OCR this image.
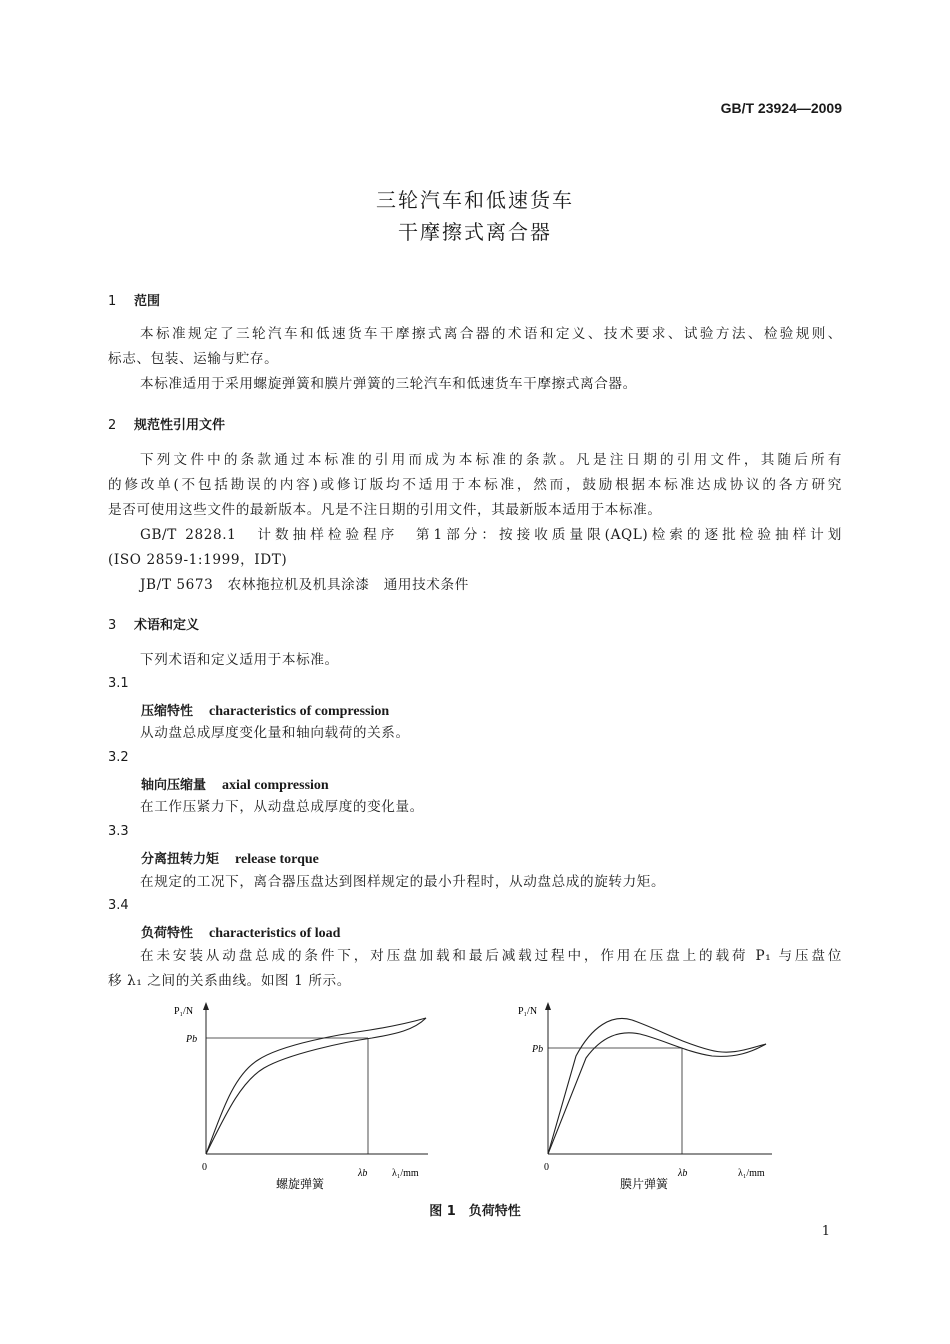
GB/T 23924—2009
三轮汽车和低速货车
干摩擦式离合器
1 范围
本标准规定了三轮汽车和低速货车干摩擦式离合器的术语和定义、技术要求、试验方法、检验规则、
标志、包装、运输与贮存。
本标准适用于采用螺旋弹簧和膜片弹簧的三轮汽车和低速货车干摩擦式离合器。
2 规范性引用文件
下列文件中的条款通过本标准的引用而成为本标准的条款。凡是注日期的引用文件，其随后所有
的修改单(不包括勘误的内容)或修订版均不适用于本标准，然而，鼓励根据本标准达成协议的各方研究
是否可使用这些文件的最新版本。凡是不注日期的引用文件，其最新版本适用于本标准。
GB/T 2828.1　计数抽样检验程序　第1部分：按接收质量限(AQL)检索的逐批检验抽样计划
(ISO 2859-1:1999，IDT)
JB/T 5673　农林拖拉机及机具涂漆　通用技术条件
3 术语和定义
下列术语和定义适用于本标准。
3.1
压缩特性 characteristics of compression
从动盘总成厚度变化量和轴向载荷的关系。
3.2
轴向压缩量 axial compression
在工作压紧力下，从动盘总成厚度的变化量。
3.3
分离扭转力矩 release torque
在规定的工况下，离合器压盘达到图样规定的最小升程时，从动盘总成的旋转力矩。
3.4
负荷特性 characteristics of load
在未安装从动盘总成的条件下，对压盘加载和最后减载过程中，作用在压盘上的载荷 P₁ 与压盘位
移 λ₁ 之间的关系曲线。如图 1 所示。
P₁/N
Pb
0
λb λ₁/mm
螺旋弹簧
P₁/N
Pb
0
λb	λ₁/mm
膜片弹簧
图 1　负荷特性
1
